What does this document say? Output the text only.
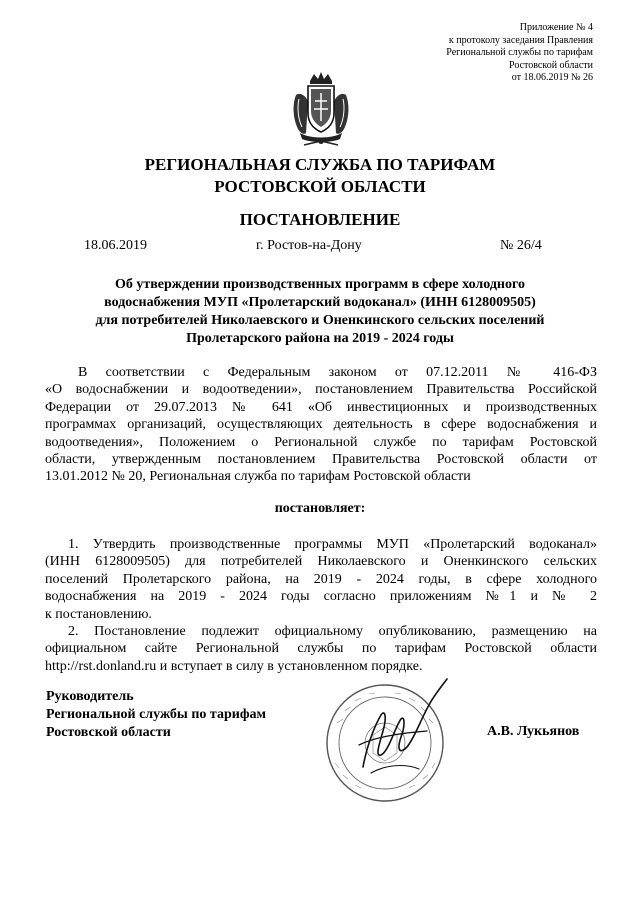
Приложение № 4
к протоколу заседания Правления
Региональной службы по тарифам
Ростовской области
от 18.06.2019 № 26
РЕГИОНАЛЬНАЯ СЛУЖБА ПО ТАРИФАМ
РОСТОВСКОЙ ОБЛАСТИ
ПОСТАНОВЛЕНИЕ
18.06.2019	г. Ростов-на-Дону	№ 26/4
Об утверждении производственных программ в сфере холодного
водоснабжения МУП «Пролетарский водоканал» (ИНН 6128009505)
для потребителей Николаевского и Оненкинского сельских поселений
Пролетарского района на 2019 - 2024 годы
В соответствии с Федеральным законом от 07.12.2011 № 416-ФЗ
«О водоснабжении и водоотведении», постановлением Правительства Российской
Федерации от 29.07.2013 № 641 «Об инвестиционных и производственных
программах организаций, осуществляющих деятельность в сфере водоснабжения и
водоотведения», Положением о Региональной службе по тарифам Ростовской
области, утвержденным постановлением Правительства Ростовской области от
13.01.2012 № 20, Региональная служба по тарифам Ростовской области
постановляет:
1. Утвердить производственные программы МУП «Пролетарский водоканал»
(ИНН 6128009505) для потребителей Николаевского и Оненкинского сельских
поселений Пролетарского района, на 2019 - 2024 годы, в сфере холодного
водоснабжения на 2019 - 2024 годы согласно приложениям №1 и № 2
к постановлению.
2. Постановление подлежит официальному опубликованию, размещению на
официальном сайте Региональной службы по тарифам Ростовской области
http://rst.donland.ru и вступает в силу в установленном порядке.
Руководитель
Региональной службы по тарифам
Ростовской области	А.В. Лукьянов
